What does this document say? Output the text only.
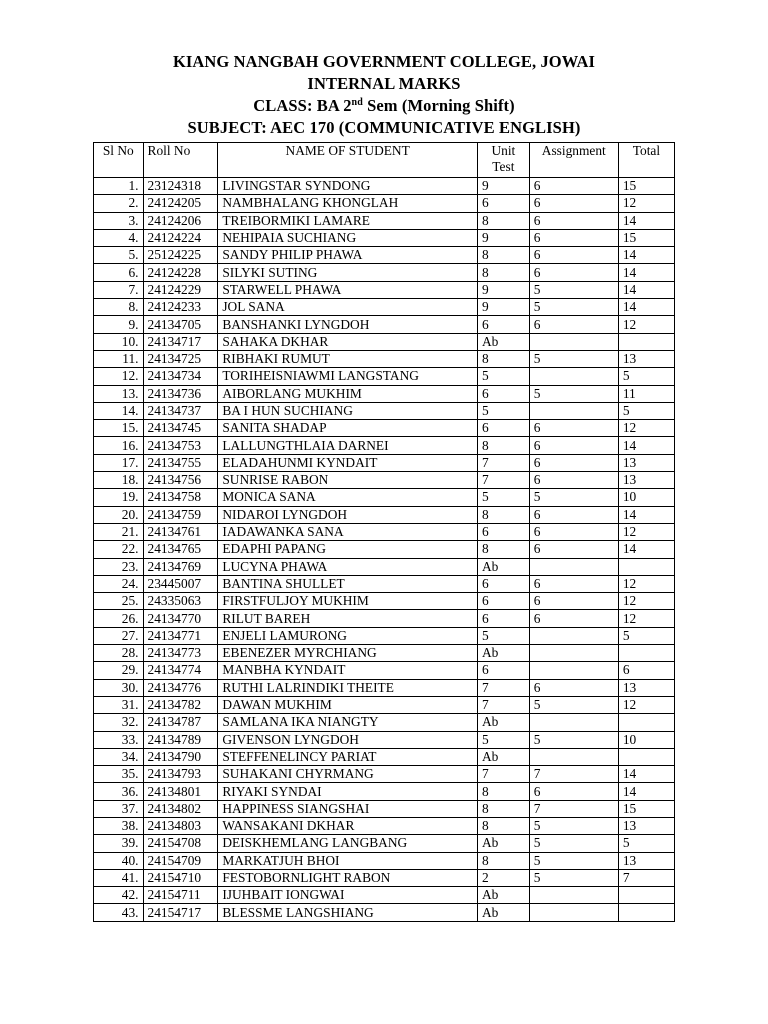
KIANG NANGBAH GOVERNMENT COLLEGE, JOWAI
INTERNAL MARKS
CLASS: BA 2nd Sem (Morning Shift)
SUBJECT: AEC 170 (COMMUNICATIVE ENGLISH)
Sl No	Roll No	NAME OF STUDENT	Unit Test	Assignment	Total
1.	23124318	LIVINGSTAR SYNDONG	9	6	15
2.	24124205	NAMBHALANG KHONGLAH	6	6	12
3.	24124206	TREIBORMIKI LAMARE	8	6	14
4.	24124224	NEHIPAIA SUCHIANG	9	6	15
5.	25124225	SANDY PHILIP PHAWA	8	6	14
6.	24124228	SILYKI SUTING	8	6	14
7.	24124229	STARWELL PHAWA	9	5	14
8.	24124233	JOL SANA	9	5	14
9.	24134705	BANSHANKI LYNGDOH	6	6	12
10.	24134717	SAHAKA DKHAR	Ab		
11.	24134725	RIBHAKI RUMUT	8	5	13
12.	24134734	TORIHEISNIAWMI LANGSTANG	5		5
13.	24134736	AIBORLANG MUKHIM	6	5	11
14.	24134737	BA I HUN SUCHIANG	5		5
15.	24134745	SANITA SHADAP	6	6	12
16.	24134753	LALLUNGTHLAIA DARNEI	8	6	14
17.	24134755	ELADAHUNMI KYNDAIT	7	6	13
18.	24134756	SUNRISE RABON	7	6	13
19.	24134758	MONICA SANA	5	5	10
20.	24134759	NIDAROI LYNGDOH	8	6	14
21.	24134761	IADAWANKA SANA	6	6	12
22.	24134765	EDAPHI PAPANG	8	6	14
23.	24134769	LUCYNA PHAWA	Ab		
24.	23445007	BANTINA SHULLET	6	6	12
25.	24335063	FIRSTFULJOY MUKHIM	6	6	12
26.	24134770	RILUT BAREH	6	6	12
27.	24134771	ENJELI LAMURONG	5		5
28.	24134773	EBENEZER MYRCHIANG	Ab		
29.	24134774	MANBHA KYNDAIT	6		6
30.	24134776	RUTHI LALRINDIKI THEITE	7	6	13
31.	24134782	DAWAN MUKHIM	7	5	12
32.	24134787	SAMLANA IKA NIANGTY	Ab		
33.	24134789	GIVENSON LYNGDOH	5	5	10
34.	24134790	STEFFENELINCY PARIAT	Ab		
35.	24134793	SUHAKANI CHYRMANG	7	7	14
36.	24134801	RIYAKI SYNDAI	8	6	14
37.	24134802	HAPPINESS SIANGSHAI	8	7	15
38.	24134803	WANSAKANI DKHAR	8	5	13
39.	24154708	DEISKHEMLANG LANGBANG	Ab	5	5
40.	24154709	MARKATJUH BHOI	8	5	13
41.	24154710	FESTOBORNLIGHT RABON	2	5	7
42.	24154711	IJUHBAIT IONGWAI	Ab		
43.	24154717	BLESSME LANGSHIANG	Ab		
